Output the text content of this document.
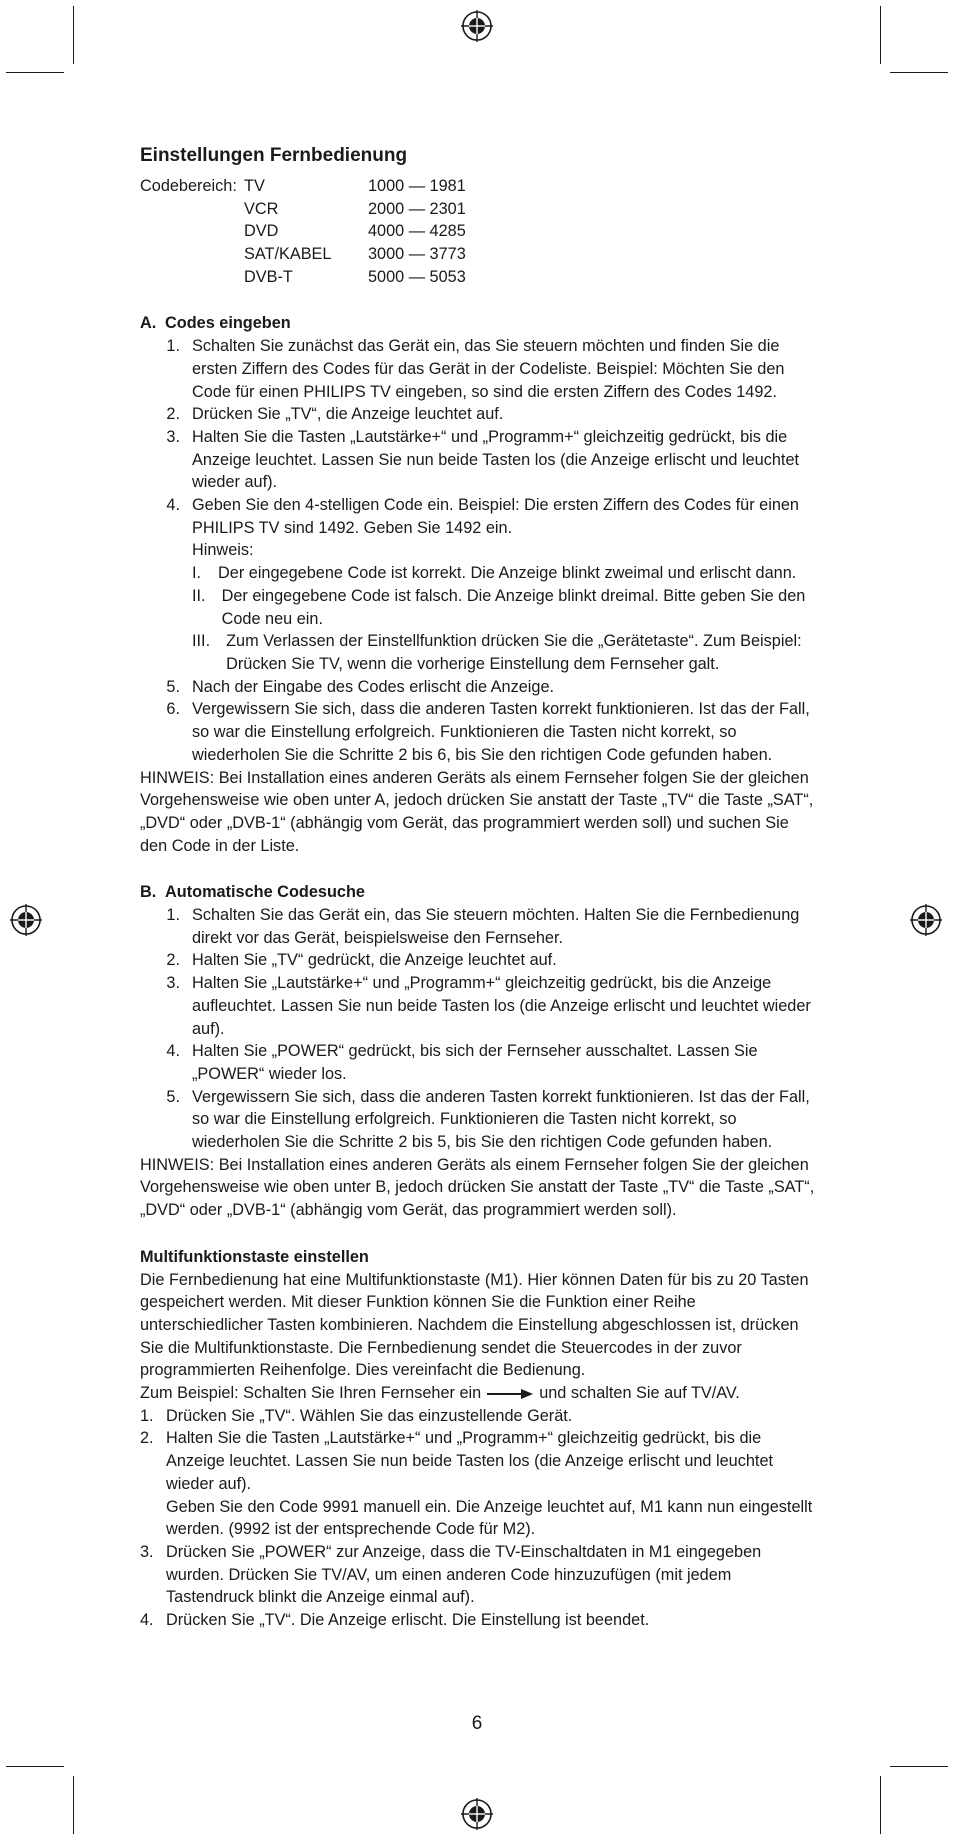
Einstellungen Fernbedienung
Codebereich: TV	1000 — 1981
VCR	2000 — 2301
DVD	4000 — 4285
SAT/KABEL	3000 — 3773
DVB-T	5000 — 5053
A. Codes eingeben
1. Schalten Sie zunächst das Gerät ein, das Sie steuern möchten und finden Sie die ersten Ziffern des Codes für das Gerät in der Codeliste. Beispiel: Möchten Sie den Code für einen PHILIPS TV eingeben, so sind die ersten Ziffern des Codes 1492.
2. Drücken Sie „TV“, die Anzeige leuchtet auf.
3. Halten Sie die Tasten „Lautstärke+“ und „Programm+“ gleichzeitig gedrückt, bis die Anzeige leuchtet. Lassen Sie nun beide Tasten los (die Anzeige erlischt und leuchtet wieder auf).
4. Geben Sie den 4-stelligen Code ein. Beispiel: Die ersten Ziffern des Codes für einen PHILIPS TV sind 1492. Geben Sie 1492 ein.

Hinweis:

I.	Der eingegebene Code ist korrekt. Die Anzeige blinkt zweimal und erlischt dann.
II. Der eingegebene Code ist falsch. Die Anzeige blinkt dreimal. Bitte geben Sie den Code neu ein.
III. Zum Verlassen der Einstellfunktion drücken Sie die „Gerätetaste“. Zum Beispiel: Drücken Sie TV, wenn die vorherige Einstellung dem Fernseher galt.
5. Nach der Eingabe des Codes erlischt die Anzeige.
6. Vergewissern Sie sich, dass die anderen Tasten korrekt funktionieren. Ist das der Fall, so war die Einstellung erfolgreich. Funktionieren die Tasten nicht korrekt, so wiederholen Sie die Schritte 2 bis 6, bis Sie den richtigen Code gefunden haben.

HINWEIS: Bei Installation eines anderen Geräts als einem Fernseher folgen Sie der gleichen Vorgehensweise wie oben unter A, jedoch drücken Sie anstatt der Taste „TV“ die Taste „SAT“, „DVD“ oder „DVB-1“ (abhängig vom Gerät, das programmiert werden soll) und suchen Sie den Code in der Liste.

B. Automatische Codesuche
1. Schalten Sie das Gerät ein, das Sie steuern möchten. Halten Sie die Fernbedienung direkt vor das Gerät, beispielsweise den Fernseher.
2. Halten Sie „TV“ gedrückt, die Anzeige leuchtet auf.
3. Halten Sie „Lautstärke+“ und „Programm+“ gleichzeitig gedrückt, bis die Anzeige aufleuchtet. Lassen Sie nun beide Tasten los (die Anzeige erlischt und leuchtet wieder auf).
4. Halten Sie „POWER“ gedrückt, bis sich der Fernseher ausschaltet. Lassen Sie „POWER“ wieder los.
5. Vergewissern Sie sich, dass die anderen Tasten korrekt funktionieren. Ist das der Fall, so war die Einstellung erfolgreich. Funktionieren die Tasten nicht korrekt, so wiederholen Sie die Schritte 2 bis 5, bis Sie den richtigen Code gefunden haben.

HINWEIS: Bei Installation eines anderen Geräts als einem Fernseher folgen Sie der gleichen Vorgehensweise wie oben unter B, jedoch drücken Sie anstatt der Taste „TV“ die Taste „SAT“, „DVD“ oder „DVB-1“ (abhängig vom Gerät, das programmiert werden soll).

Multifunktionstaste einstellen

Die Fernbedienung hat eine Multifunktionstaste (M1). Hier können Daten für bis zu 20 Tasten gespeichert werden. Mit dieser Funktion können Sie die Funktion einer Reihe unterschiedlicher Tasten kombinieren. Nachdem die Einstellung abgeschlossen ist, drücken Sie die Multifunktionstaste. Die Fernbedienung sendet die Steuercodes in der zuvor programmierten Reihenfolge. Dies vereinfacht die Bedienung.

Zum Beispiel: Schalten Sie Ihren Fernseher ein	und schalten Sie auf TV/AV.

1. Drücken Sie „TV“. Wählen Sie das einzustellende Gerät.
2. Halten Sie die Tasten „Lautstärke+“ und „Programm+“ gleichzeitig gedrückt, bis die Anzeige leuchtet. Lassen Sie nun beide Tasten los (die Anzeige erlischt und leuchtet wieder auf).

Geben Sie den Code 9991 manuell ein. Die Anzeige leuchtet auf, M1 kann nun eingestellt werden. (9992 ist der entsprechende Code für M2).

3. Drücken Sie „POWER“ zur Anzeige, dass die TV-Einschaltdaten in M1 eingegeben wurden. Drücken Sie TV/AV, um einen anderen Code hinzuzufügen (mit jedem Tastendruck blinkt die Anzeige einmal auf).
4. Drücken Sie „TV“. Die Anzeige erlischt. Die Einstellung ist beendet.
6
